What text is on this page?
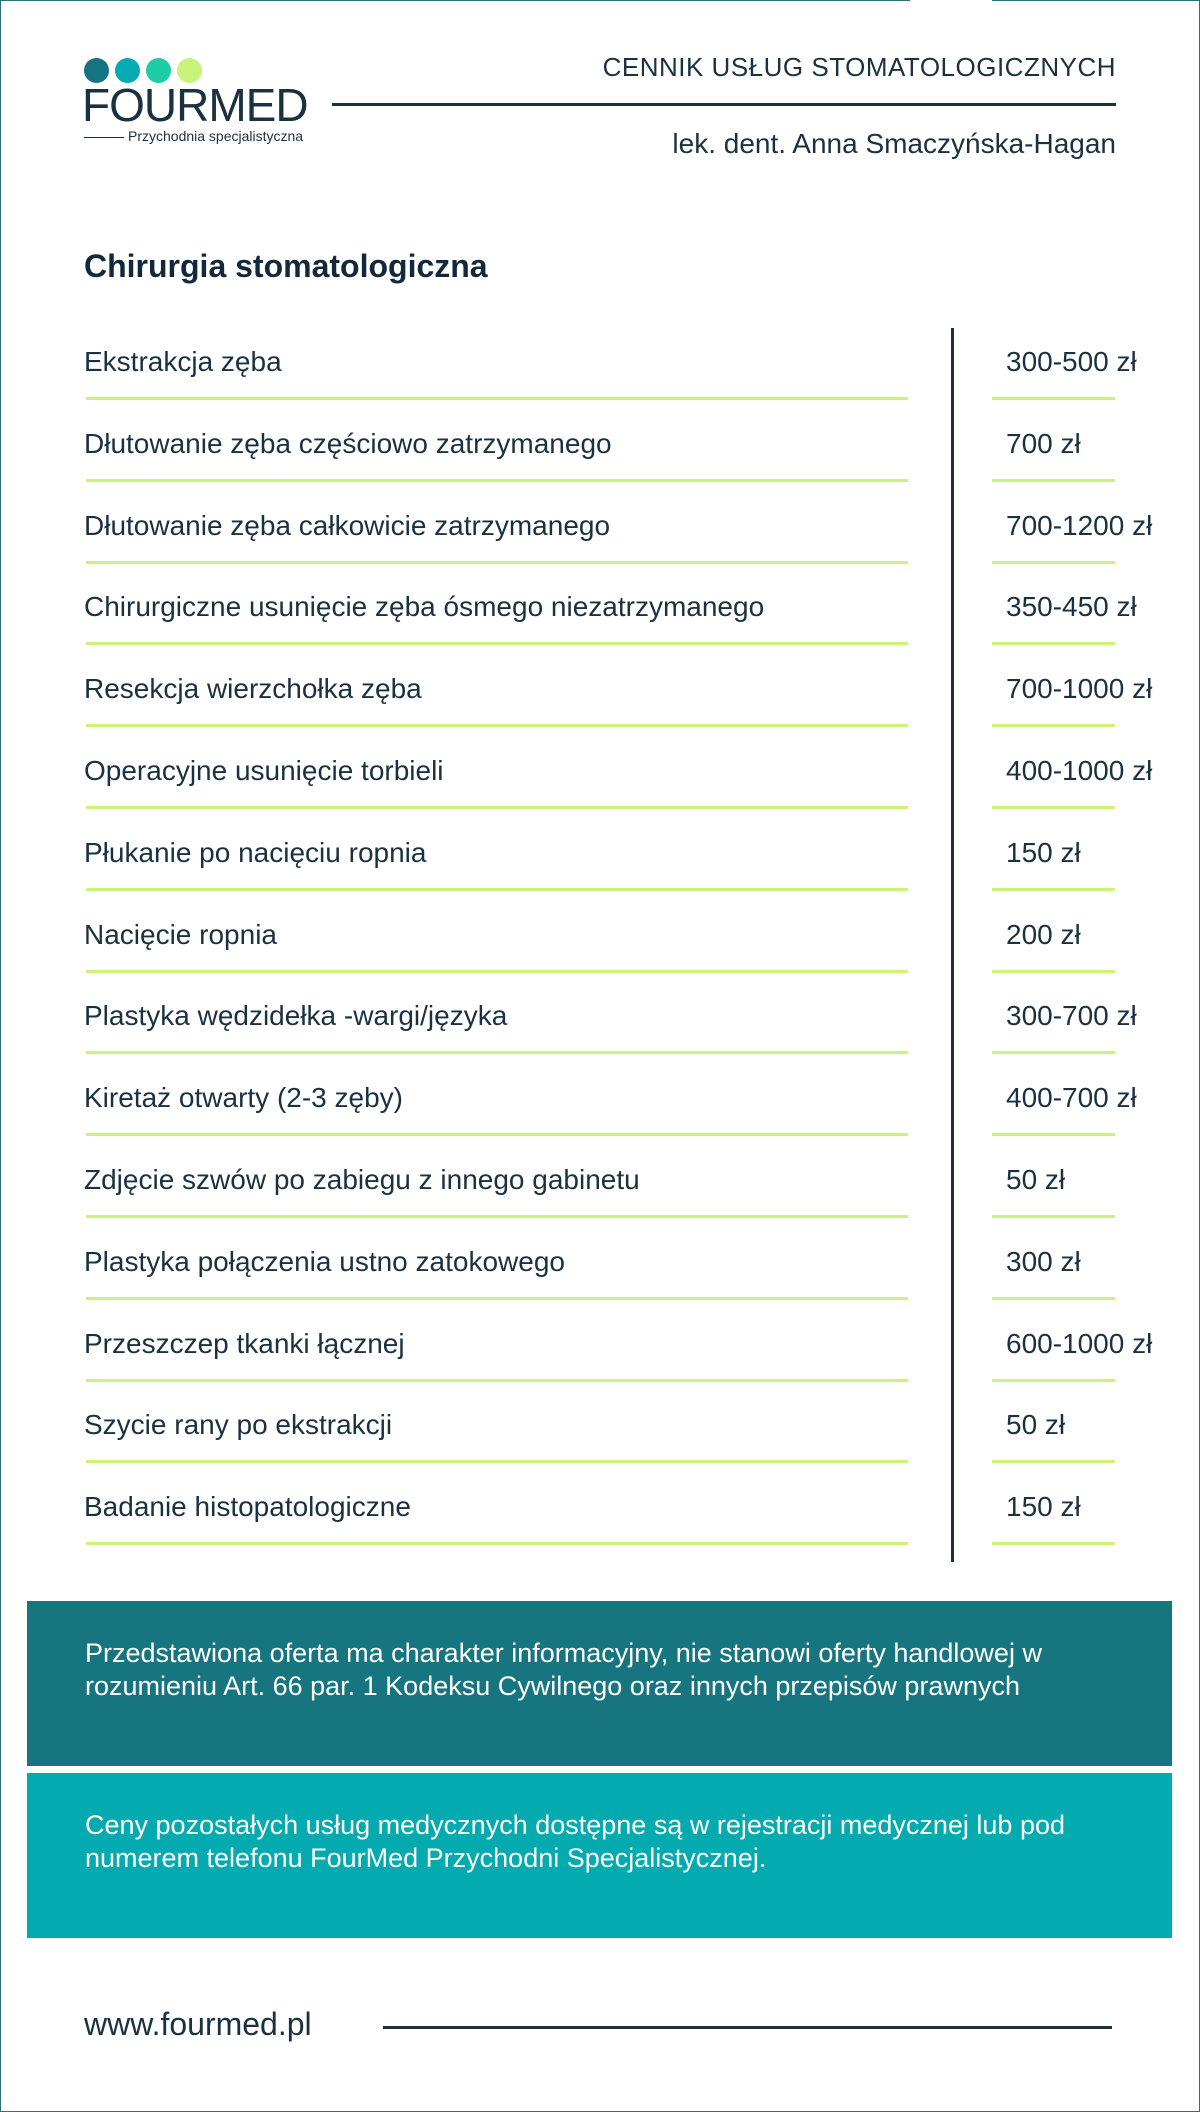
FOURMED
Przychodnia specjalistyczna
CENNIK USŁUG STOMATOLOGICZNYCH
lek. dent. Anna Smaczyńska-Hagan
Chirurgia stomatologiczna
Ekstrakcja zęba	300-500 zł
Dłutowanie zęba częściowo zatrzymanego	700 zł
Dłutowanie zęba całkowicie zatrzymanego	700-1200 zł
Chirurgiczne usunięcie zęba ósmego niezatrzymanego	350-450 zł
Resekcja wierzchołka zęba	700-1000 zł
Operacyjne usunięcie torbieli	400-1000 zł
Płukanie po nacięciu ropnia	150 zł
Nacięcie ropnia	200 zł
Plastyka wędzidełka -wargi/języka	300-700 zł
Kiretaż otwarty (2-3 zęby)	400-700 zł
Zdjęcie szwów po zabiegu z innego gabinetu	50 zł
Plastyka połączenia ustno zatokowego	300 zł
Przeszczep tkanki łącznej	600-1000 zł
Szycie rany po ekstrakcji	50 zł
Badanie histopatologiczne	150 zł
Przedstawiona oferta ma charakter informacyjny, nie stanowi oferty handlowej w rozumieniu Art. 66 par. 1 Kodeksu Cywilnego oraz innych przepisów prawnych
Ceny pozostałych usług medycznych dostępne są w rejestracji medycznej lub pod numerem telefonu FourMed Przychodni Specjalistycznej.
www.fourmed.pl
